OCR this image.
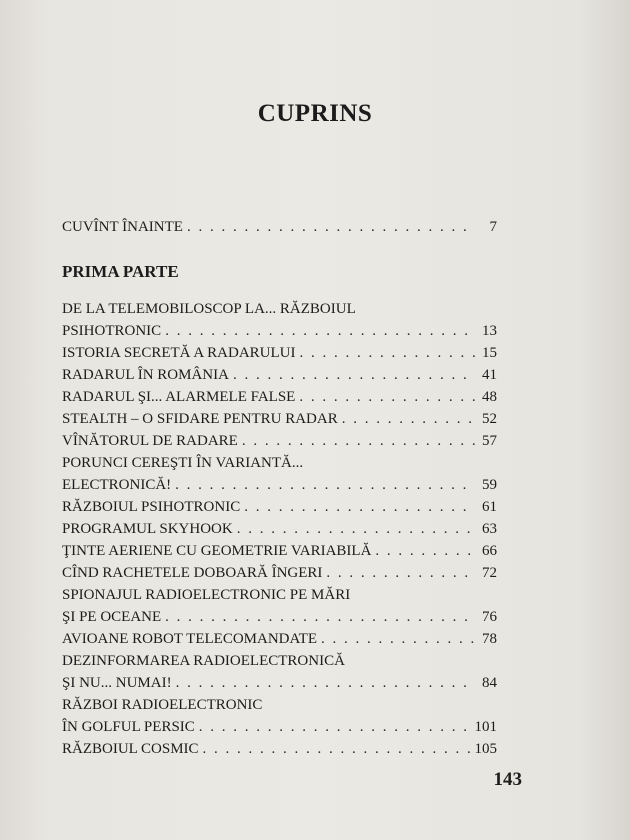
CUPRINS
CUVÎNT ÎNAINTE . . .	7
PRIMA PARTE
DE LA TELEMOBILOSCOP LA... RĂZBOIUL
PSIHOTRONIC . . .	13
ISTORIA SECRETĂ A RADARULUI . . .	15
RADARUL ÎN ROMÂNIA . . .	41
RADARUL ŞI... ALARMELE FALSE . . .	48
STEALTH – O SFIDARE PENTRU RADAR . . .	52
VÎNĂTORUL DE RADARE . . .	57
PORUNCI CEREŞTI ÎN VARIANTĂ...
ELECTRONICĂ! . . .	59
RĂZBOIUL PSIHOTRONIC . . .	61
PROGRAMUL SKYHOOK . . .	63
ŢINTE AERIENE CU GEOMETRIE VARIABILĂ . . .	66
CÎND RACHETELE DOBOARĂ ÎNGERI . . .	72
SPIONAJUL RADIOELECTRONIC PE MĂRI
ŞI PE OCEANE . . .	76
AVIOANE ROBOT TELECOMANDATE . . .	78
DEZINFORMAREA RADIOELECTRONICĂ
ŞI NU... NUMAI! . . .	84
RĂZBOI RADIOELECTRONIC
ÎN GOLFUL PERSIC . . .	101
RĂZBOIUL COSMIC . . .	105
143
